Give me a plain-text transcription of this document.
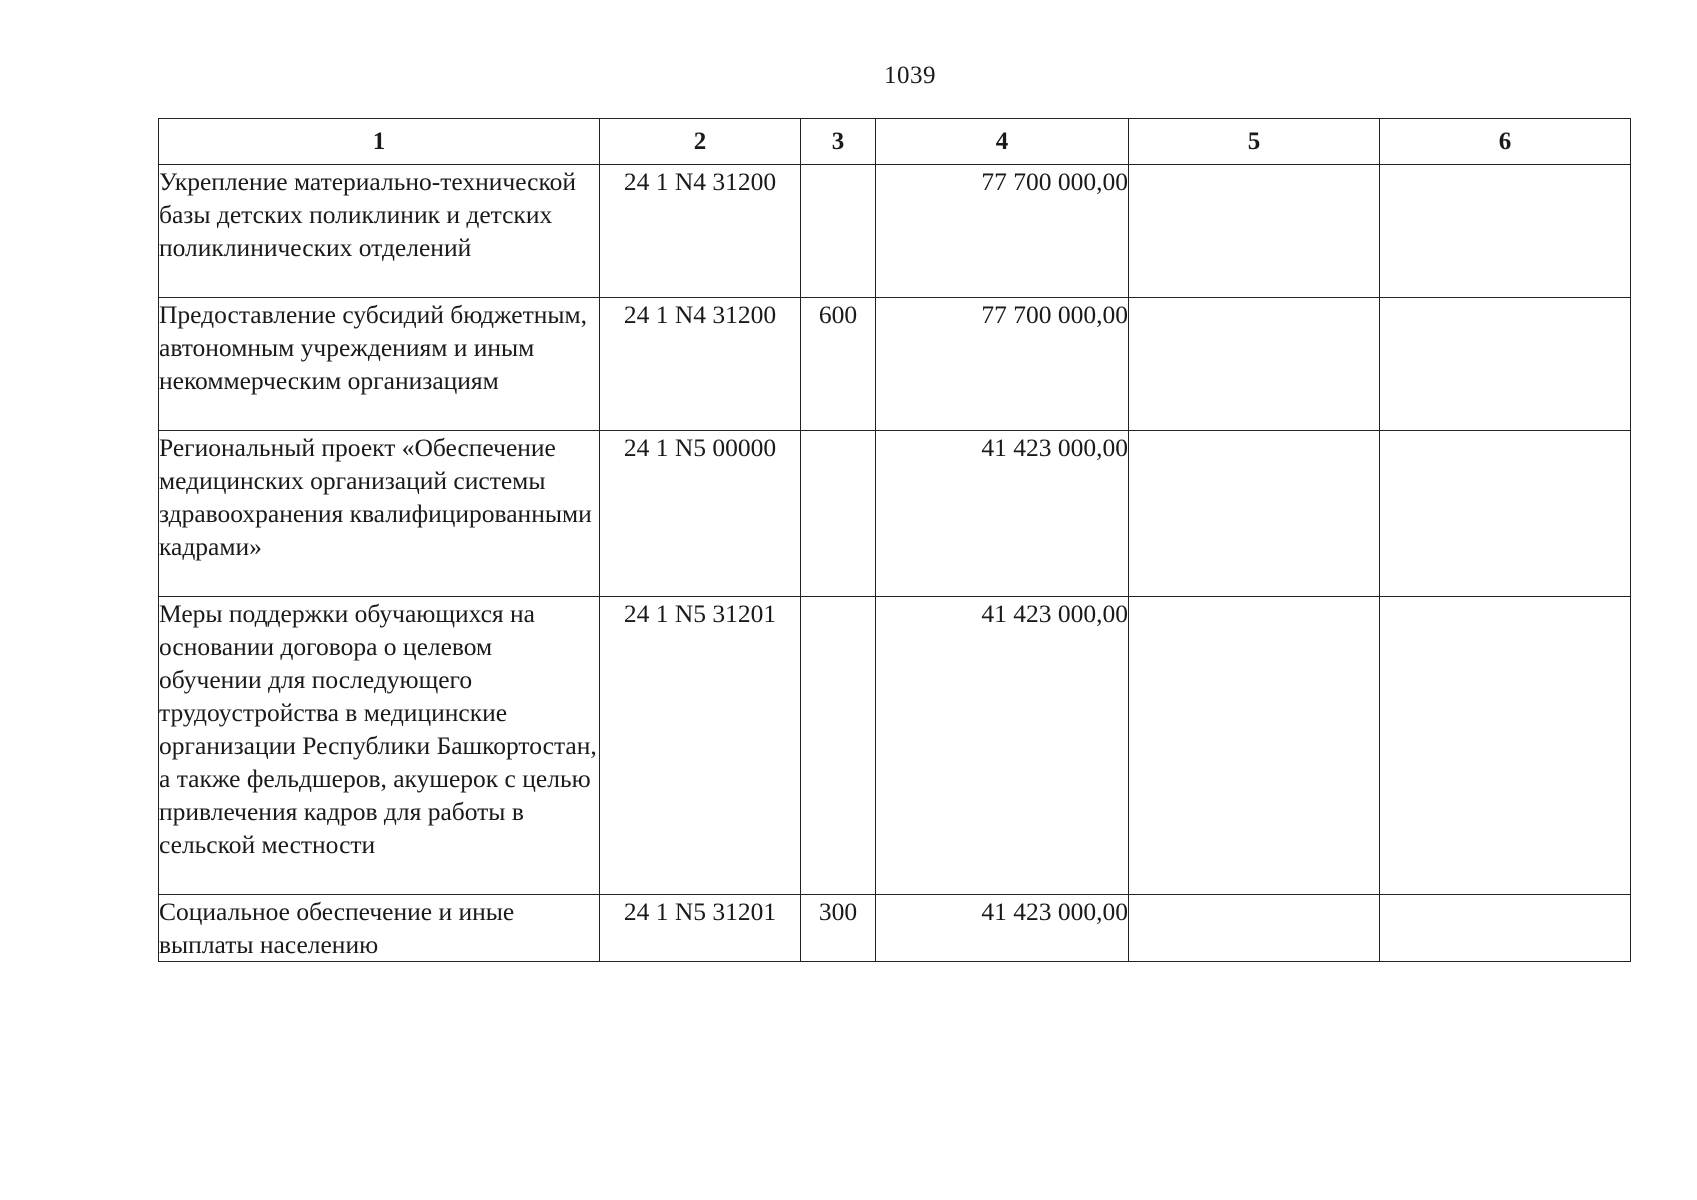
1039
1	2	3	4	5	6
Укрепление материально-технической базы детских поликлиник и детских поликлинических отделений	24 1 N4 31200		77 700 000,00		
Предоставление субсидий бюджетным, автономным учреждениям и иным некоммерческим организациям	24 1 N4 31200	600	77 700 000,00		
Региональный проект «Обеспечение медицинских организаций системы здравоохранения квалифицированными кадрами»	24 1 N5 00000		41 423 000,00		
Меры поддержки обучающихся на основании договора о целевом обучении для последующего трудоустройства в медицинские организации Республики Башкортостан, а также фельдшеров, акушерок с целью привлечения кадров для работы в сельской местности	24 1 N5 31201		41 423 000,00		
Социальное обеспечение и иные выплаты населению	24 1 N5 31201	300	41 423 000,00		
